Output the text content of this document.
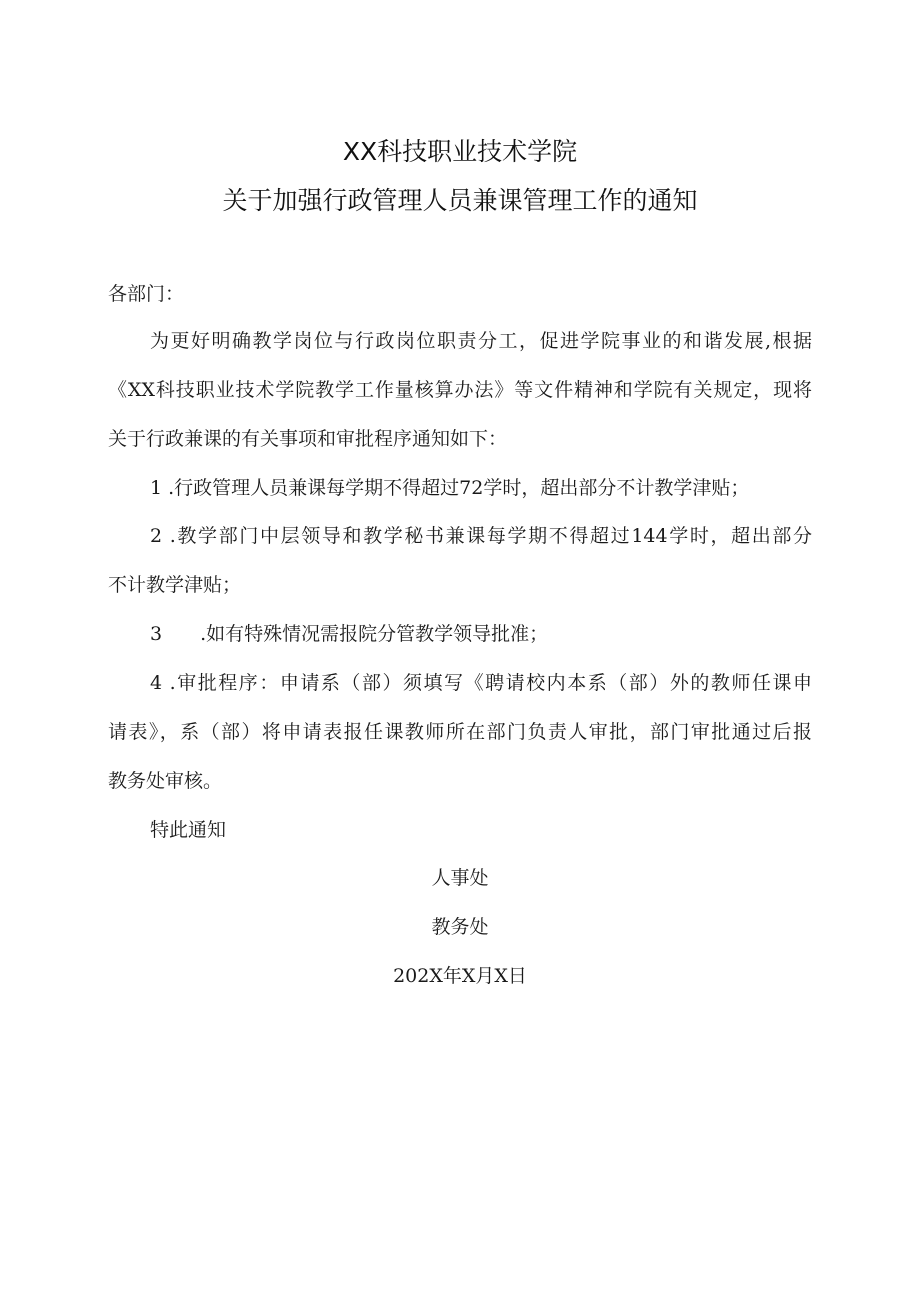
XX科技职业技术学院
关于加强行政管理人员兼课管理工作的通知
各部门：
为更好明确教学岗位与行政岗位职责分工，促进学院事业的和谐发展,根据
《XX科技职业技术学院教学工作量核算办法》等文件精神和学院有关规定，现将
关于行政兼课的有关事项和审批程序通知如下：
1 .行政管理人员兼课每学期不得超过72学时，超出部分不计教学津贴；
2 .教学部门中层领导和教学秘书兼课每学期不得超过144学时，超出部分
不计教学津贴；
3 .如有特殊情况需报院分管教学领导批准；
4 .审批程序：申请系（部）须填写《聘请校内本系（部）外的教师任课申
请表》，系（部）将申请表报任课教师所在部门负责人审批，部门审批通过后报
教务处审核。
特此通知
人事处
教务处
202X年X月X日
